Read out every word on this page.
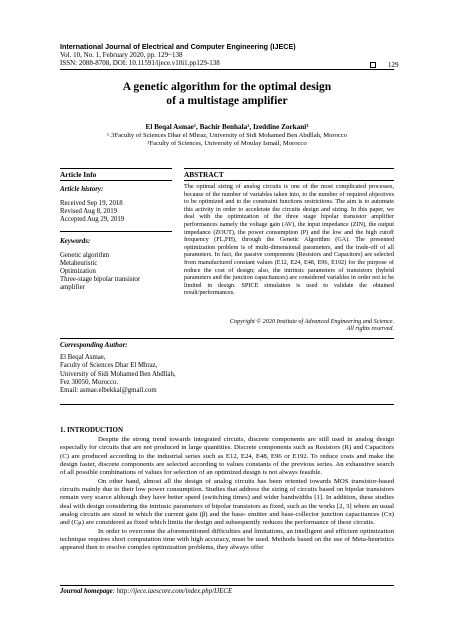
International Journal of Electrical and Computer Engineering (IJECE)
Vol. 10, No. 1, February 2020, pp. 129~138
ISSN: 2088-8708, DOI: 10.11591/ijece.v10i1.pp129-138	129
A genetic algorithm for the optimal design
of a multistage amplifier
El Beqal Asmae¹, Bachir Benhala², Izeddine Zorkani³
¹˒3Faculty of Sciences Dhar el Mhraz, University of Sidi Mohamed Ben Abdllah, Morocco
²Faculty of Sciences, University of Moulay Ismail, Morocco
Article Info	ABSTRACT
Article history:
Received Sep 19, 2018
Revised Aug 8, 2019
Accepted Aug 29, 2019
Keywords:
Genetic algorithm
Metaheuristic
Optimization
Three-stage bipolar transistor
amplifier
The optimal sizing of analog circuits is one of the most complicated processes, because of the number of variables taken into, to the number of required objectives to be optimized and to the constraint functions restrictions. The aim is to automate this activity in order to accelerate the circuits design and sizing. In this paper, we deal with the optimization of the three stage bipolar transistor amplifier performances namely the voltage gain (AV), the input impedance (ZIN), the output impedance (ZOUT), the power consumption (P) and the low and the high cutoff frequency (FL,FH), through the Genetic Algorithm (GA). The presented optimization problem is of multi-dimensional parameters, and the trade-off of all parameters. In fact, the passive components (Resistors and Capacitors) are selected from manufactured constant values (E12, E24, E48, E96, E192) for the purpose of reduce the cost of design; also, the intrinsic parameters of transistors (hybrid parameters and the junction capacitances) are considered variables in order not to be limited in design. SPICE simulation is used to validate the obtained result/performances.
Copyright © 2020 Institute of Advanced Engineering and Science.
All rights reserved.
Corresponding Author:
El Beqal Asmae,
Faculty of Sciences Dhar El Mhraz,
University of Sidi Mohamed Ben Abdllah,
Fez 30050, Morocco.
Email: asmae.elbekkal@gmail.com
1. INTRODUCTION

Despite the strong trend towards integrated circuits, discrete components are still used in analog design especially for circuits that are not produced in large quantities. Discrete components such as Resistors (R) and Capacitors (C) are produced according to the industrial series such as E12, E24, E48, E96 or E192. To reduce costs and make the design faster, discrete components are selected according to values constants of the previous series. An exhaustive search of all possible combinations of values for selection of an optimized design is not always feasible.

On other hand, almost all the design of analog circuits has been oriented towards MOS transistor-based circuits mainly due to their low power consumption. Studies that address the sizing of circuits based on bipolar transistors remain very scarce although they have better speed (switching times) and wider bandwidths [1]. In addition, these studies deal with design considering the intrinsic parameters of bipolar transistors as fixed, such as the works [2, 3] where an usual analog circuits are sized in which the current gain (β) and the base- emitter and base-collector junction capacitances (Cπ) and (Cμ) are considered as fixed which limits the design and subsequently reduces the performance of these circuits.

In order to overcome the aforementioned difficulties and limitations, an intelligent and efficient optimization technique requires short computation time with high accuracy, must be used. Methods based on the use of Meta-heuristics appeared then to resolve complex optimization problems, they always offer

Journal homepage: http://ijece.iaescore.com/index.php/IJECE
